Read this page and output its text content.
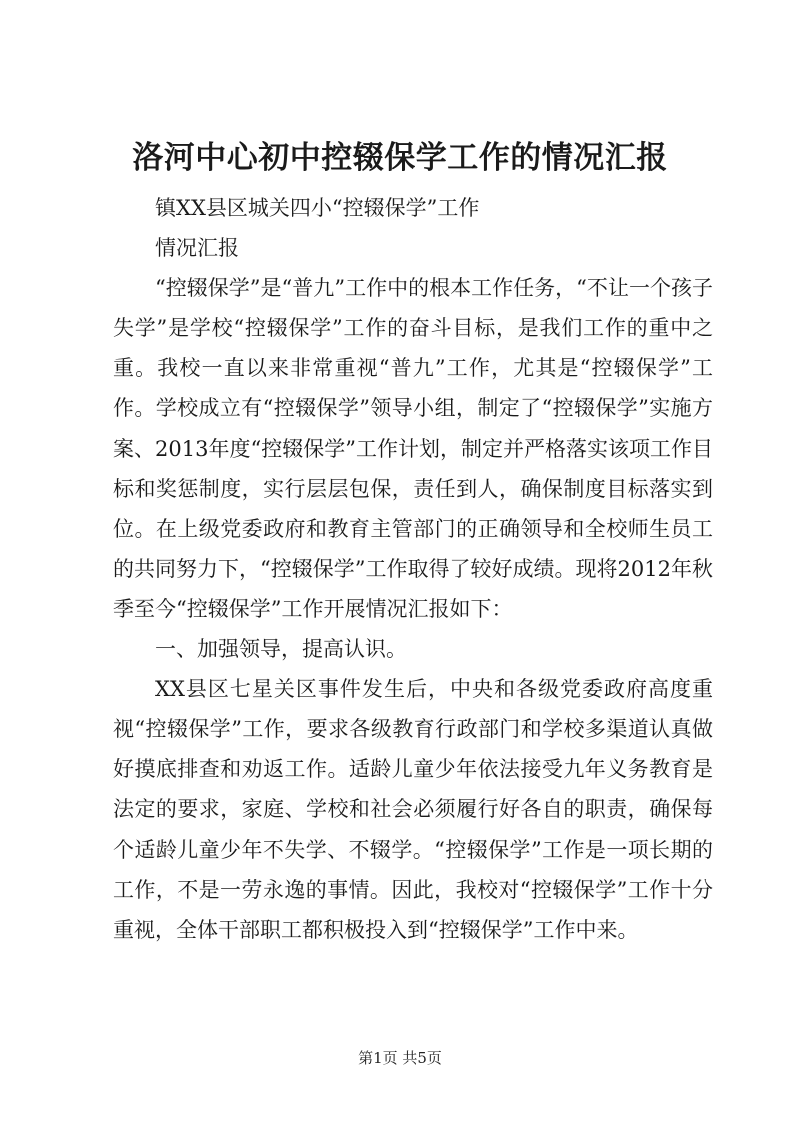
洛河中心初中控辍保学工作的情况汇报

镇XX县区城关四小“控辍保学”工作

情况汇报

“控辍保学”是“普九”工作中的根本工作任务，“不让一个孩子失学”是学校“控辍保学”工作的奋斗目标，是我们工作的重中之重。我校一直以来非常重视“普九”工作，尤其是“控辍保学”工作。学校成立有“控辍保学”领导小组，制定了“控辍保学”实施方案、2013年度“控辍保学”工作计划，制定并严格落实该项工作目标和奖惩制度，实行层层包保，责任到人，确保制度目标落实到位。在上级党委政府和教育主管部门的正确领导和全校师生员工的共同努力下，“控辍保学”工作取得了较好成绩。现将2012年秋季至今“控辍保学”工作开展情况汇报如下：

一、加强领导，提高认识。

XX县区七星关区事件发生后，中央和各级党委政府高度重视“控辍保学”工作，要求各级教育行政部门和学校多渠道认真做好摸底排查和劝返工作。适龄儿童少年依法接受九年义务教育是法定的要求，家庭、学校和社会必须履行好各自的职责，确保每个适龄儿童少年不失学、不辍学。“控辍保学”工作是一项长期的工作，不是一劳永逸的事情。因此，我校对“控辍保学”工作十分重视，全体干部职工都积极投入到“控辍保学”工作中来。

第1页 共5页
